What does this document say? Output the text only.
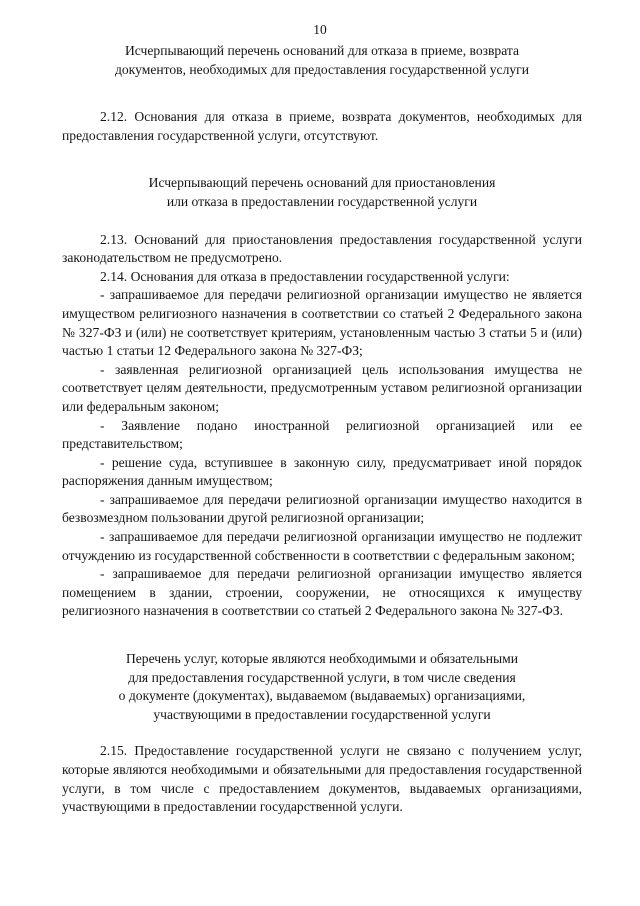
10
Исчерпывающий перечень оснований для отказа в приеме, возврата
документов, необходимых для предоставления государственной услуги

2.12. Основания для отказа в приеме, возврата документов, необходимых для предоставления государственной услуги, отсутствуют.

Исчерпывающий перечень оснований для приостановления
или отказа в предоставлении государственной услуги

2.13. Оснований для приостановления предоставления государственной услуги законодательством не предусмотрено.

2.14. Основания для отказа в предоставлении государственной услуги:

- запрашиваемое для передачи религиозной организации имущество не является имуществом религиозного назначения в соответствии со статьей 2 Федерального закона № 327-ФЗ и (или) не соответствует критериям, установленным частью 3 статьи 5 и (или) частью 1 статьи 12 Федерального закона № 327-ФЗ;

- заявленная религиозной организацией цель использования имущества не соответствует целям деятельности, предусмотренным уставом религиозной организации или федеральным законом;

- Заявление подано иностранной религиозной организацией или ее представительством;

- решение суда, вступившее в законную силу, предусматривает иной порядок распоряжения данным имуществом;

- запрашиваемое для передачи религиозной организации имущество находится в безвозмездном пользовании другой религиозной организации;

- запрашиваемое для передачи религиозной организации имущество не подлежит отчуждению из государственной собственности в соответствии с федеральным законом;

- запрашиваемое для передачи религиозной организации имущество является помещением в здании, строении, сооружении, не относящихся к имуществу религиозного назначения в соответствии со статьей 2 Федерального закона № 327-ФЗ.

Перечень услуг, которые являются необходимыми и обязательными
для предоставления государственной услуги, в том числе сведения
о документе (документах), выдаваемом (выдаваемых) организациями,
участвующими в предоставлении государственной услуги

2.15. Предоставление государственной услуги не связано с получением услуг, которые являются необходимыми и обязательными для предоставления государственной услуги, в том числе с предоставлением документов, выдаваемых организациями, участвующими в предоставлении государственной услуги.
